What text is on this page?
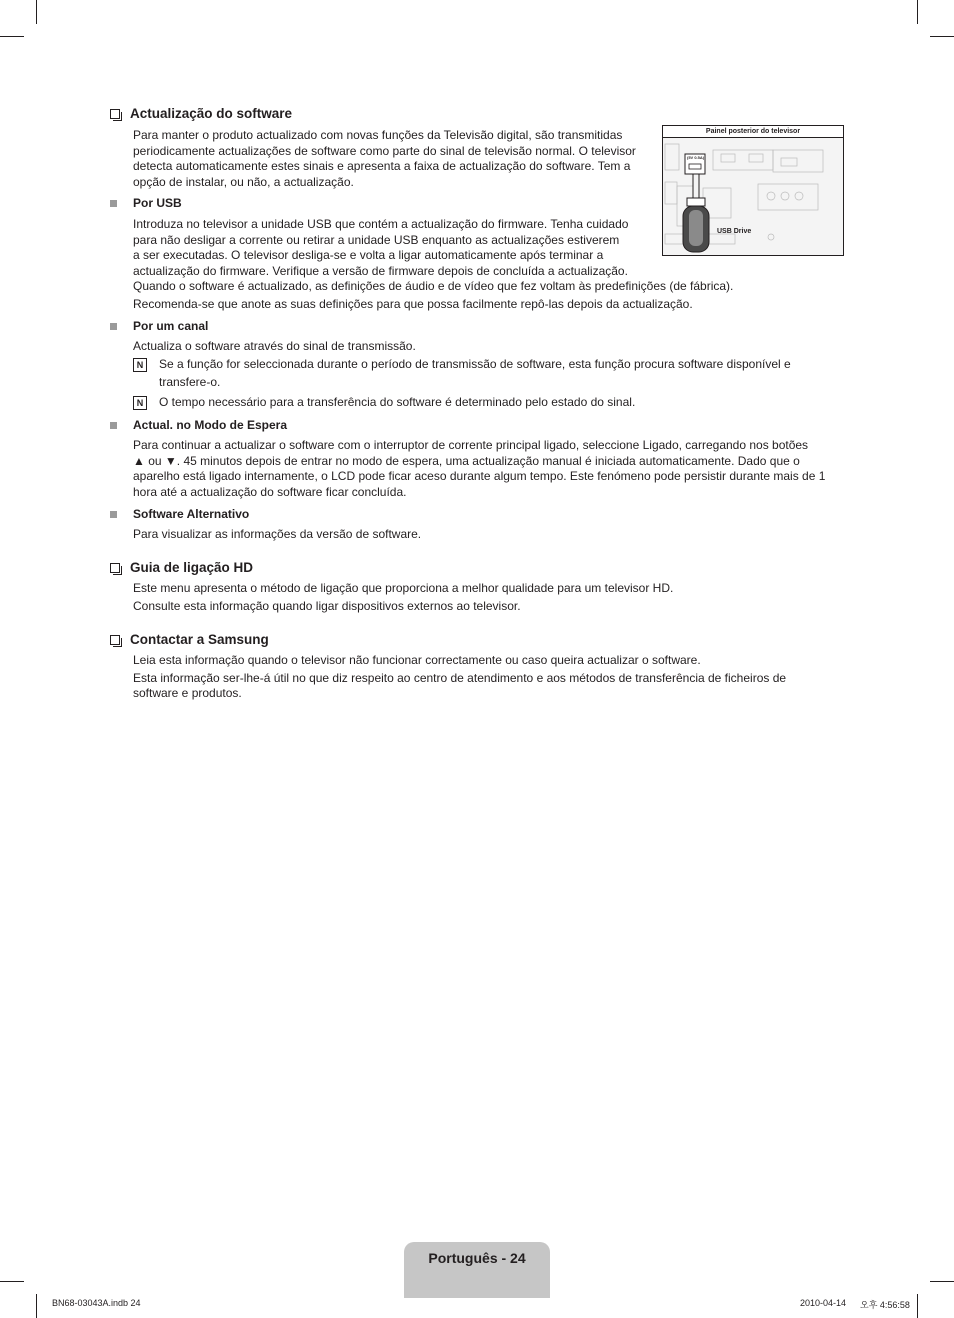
Actualização do software
Para manter o produto actualizado com novas funções da Televisão digital, são transmitidas
periodicamente actualizações de software como parte do sinal de televisão normal. O televisor
detecta automaticamente estes sinais e apresenta a faixa de actualização do software. Tem a
opção de instalar, ou não, a actualização.
Painel posterior do televisor
(5V 0.5A)
USB Drive
Por USB
Introduza no televisor a unidade USB que contém a actualização do firmware. Tenha cuidado
para não desligar a corrente ou retirar a unidade USB enquanto as actualizações estiverem
a ser executadas. O televisor desliga-se e volta a ligar automaticamente após terminar a
actualização do firmware. Verifique a versão de firmware depois de concluída a actualização.
Quando o software é actualizado, as definições de áudio e de vídeo que fez voltam às predefinições (de fábrica).
Recomenda-se que anote as suas definições para que possa facilmente repô-las depois da actualização.
Por um canal
Actualiza o software através do sinal de transmissão.
N	Se a função for seleccionada durante o período de transmissão de software, esta função procura software disponível e transfere-o.
N	O tempo necessário para a transferência do software é determinado pelo estado do sinal.
Actual. no Modo de Espera
Para continuar a actualizar o software com o interruptor de corrente principal ligado, seleccione Ligado, carregando nos botões
▲ ou ▼. 45 minutos depois de entrar no modo de espera, uma actualização manual é iniciada automaticamente. Dado que o
aparelho está ligado internamente, o LCD pode ficar aceso durante algum tempo. Este fenómeno pode persistir durante mais de 1
hora até a actualização do software ficar concluída.
Software Alternativo
Para visualizar as informações da versão de software.
Guia de ligação HD
Este menu apresenta o método de ligação que proporciona a melhor qualidade para um televisor HD.
Consulte esta informação quando ligar dispositivos externos ao televisor.
Contactar a Samsung
Leia esta informação quando o televisor não funcionar correctamente ou caso queira actualizar o software.
Esta informação ser-lhe-á útil no que diz respeito ao centro de atendimento e aos métodos de transferência de ficheiros de
software e produtos.
Português - 24
BN68-03043A.indb 24	2010-04-14 오후 4:56:58
